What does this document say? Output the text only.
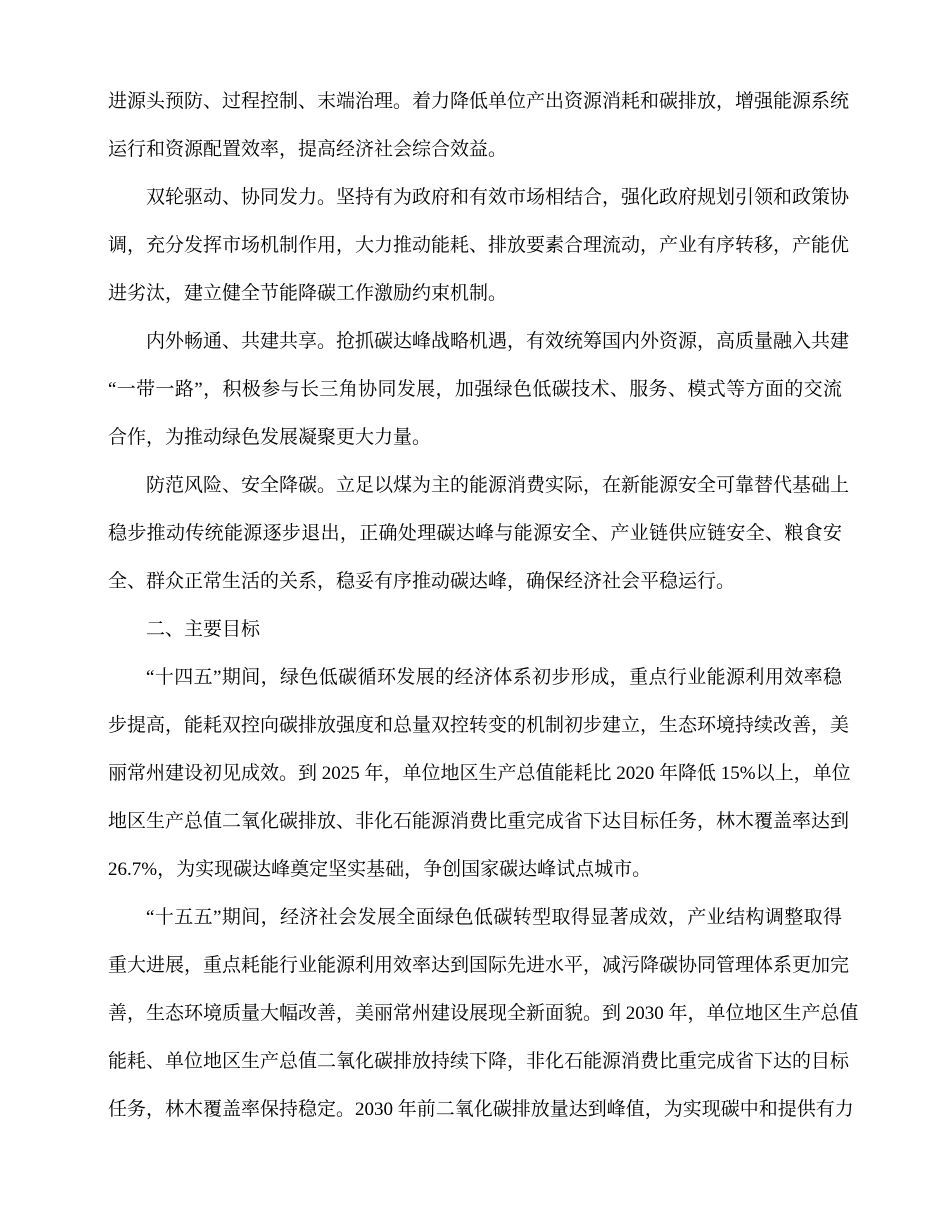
进源头预防、过程控制、末端治理。着力降低单位产出资源消耗和碳排放，增强能源系统
运行和资源配置效率，提高经济社会综合效益。
双轮驱动、协同发力。坚持有为政府和有效市场相结合，强化政府规划引领和政策协
调，充分发挥市场机制作用，大力推动能耗、排放要素合理流动，产业有序转移，产能优
进劣汰，建立健全节能降碳工作激励约束机制。
内外畅通、共建共享。抢抓碳达峰战略机遇，有效统筹国内外资源，高质量融入共建
“一带一路”，积极参与长三角协同发展，加强绿色低碳技术、服务、模式等方面的交流
合作，为推动绿色发展凝聚更大力量。
防范风险、安全降碳。立足以煤为主的能源消费实际，在新能源安全可靠替代基础上
稳步推动传统能源逐步退出，正确处理碳达峰与能源安全、产业链供应链安全、粮食安
全、群众正常生活的关系，稳妥有序推动碳达峰，确保经济社会平稳运行。
二、主要目标
“十四五”期间，绿色低碳循环发展的经济体系初步形成，重点行业能源利用效率稳
步提高，能耗双控向碳排放强度和总量双控转变的机制初步建立，生态环境持续改善，美
丽常州建设初见成效。到 2025 年，单位地区生产总值能耗比 2020 年降低 15%以上，单位
地区生产总值二氧化碳排放、非化石能源消费比重完成省下达目标任务，林木覆盖率达到
26.7%，为实现碳达峰奠定坚实基础，争创国家碳达峰试点城市。
“十五五”期间，经济社会发展全面绿色低碳转型取得显著成效，产业结构调整取得
重大进展，重点耗能行业能源利用效率达到国际先进水平，减污降碳协同管理体系更加完
善，生态环境质量大幅改善，美丽常州建设展现全新面貌。到 2030 年，单位地区生产总值
能耗、单位地区生产总值二氧化碳排放持续下降，非化石能源消费比重完成省下达的目标
任务，林木覆盖率保持稳定。2030 年前二氧化碳排放量达到峰值，为实现碳中和提供有力
